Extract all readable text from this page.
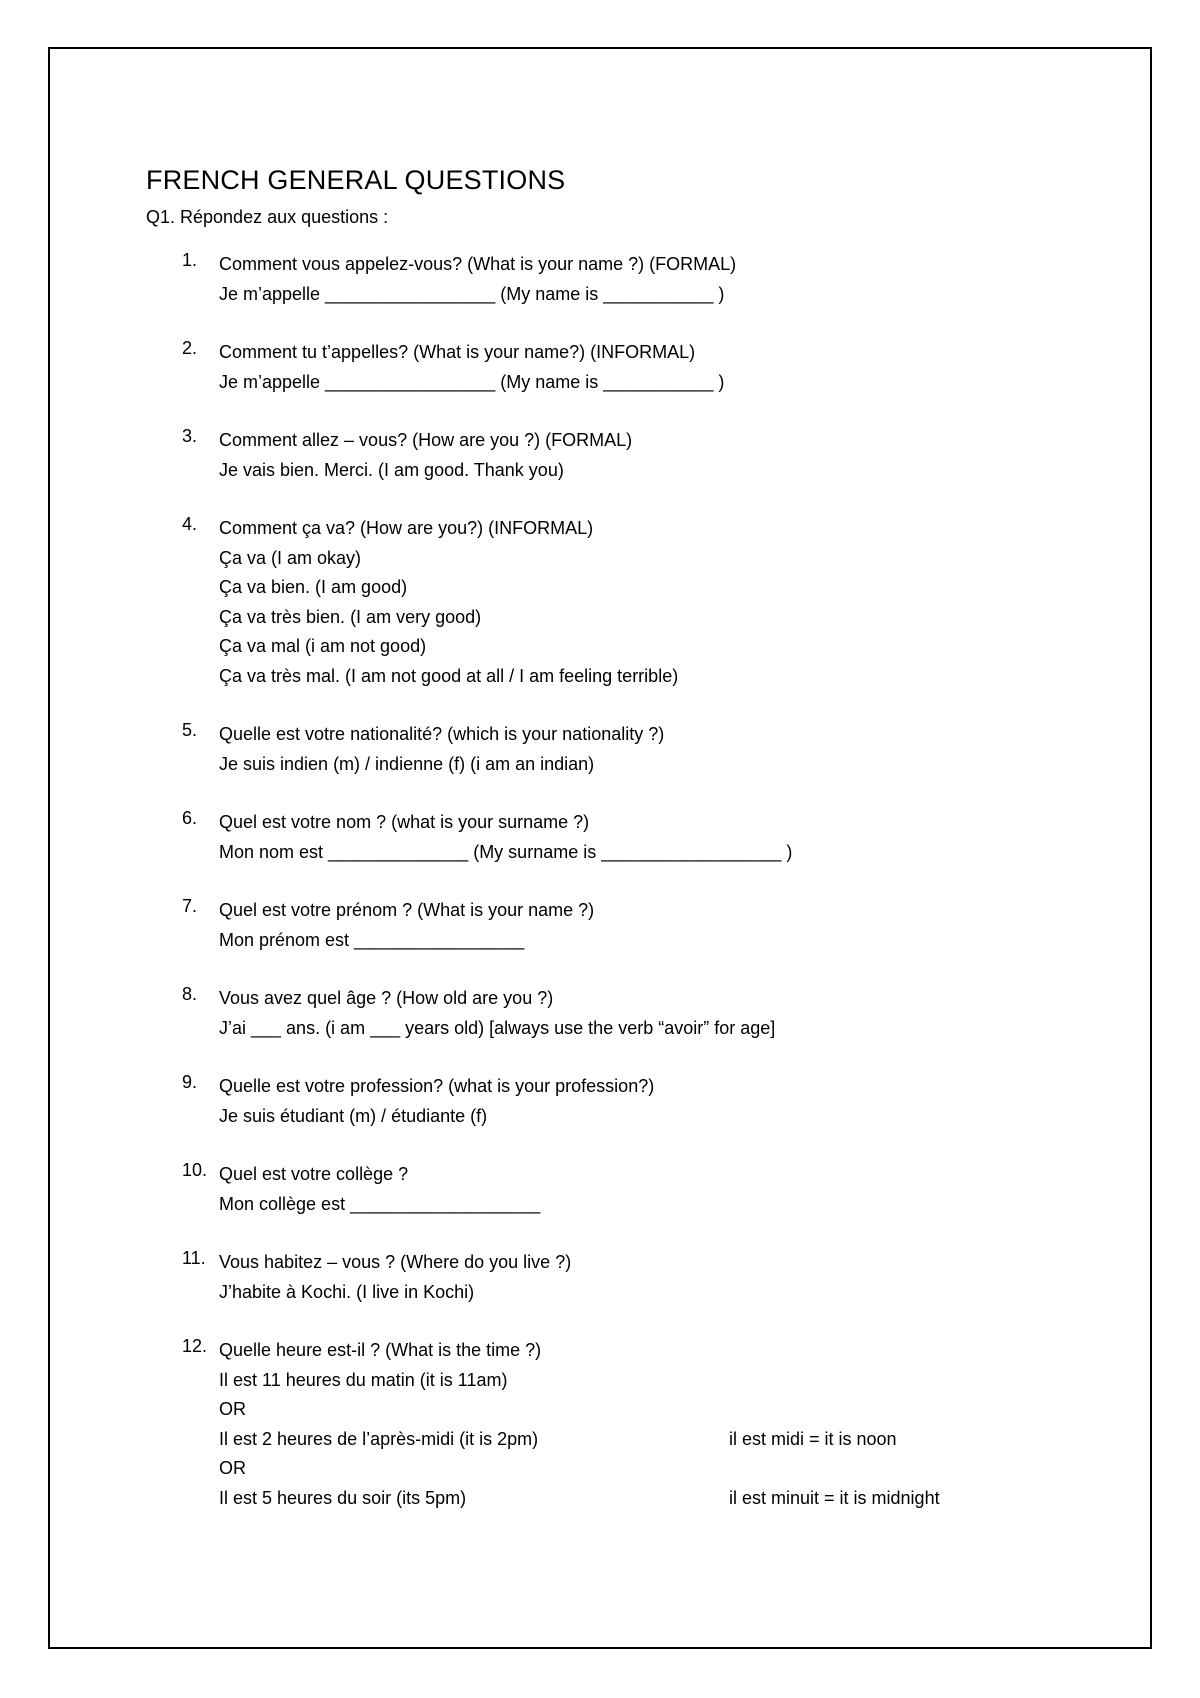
FRENCH GENERAL QUESTIONS
Q1. Répondez aux questions :
1.	Comment vous appelez-vous? (What is your name ?) (FORMAL)
Je m’appelle _________________ (My name is ___________ )
2.	Comment tu t’appelles? (What is your name?) (INFORMAL)
Je m’appelle _________________ (My name is ___________ )
3.	Comment allez – vous? (How are you ?) (FORMAL)
Je vais bien. Merci. (I am good. Thank you)
4.	Comment ça va? (How are you?) (INFORMAL)
Ça va (I am okay)
Ça va bien. (I am good)
Ça va très bien. (I am very good)
Ça va mal (i am not good)
Ça va très mal. (I am not good at all / I am feeling terrible)
5.	Quelle est votre nationalité? (which is your nationality ?)
Je suis indien (m) / indienne (f) (i am an indian)
6.	Quel est votre nom ? (what is your surname ?)
Mon nom est ______________ (My surname is __________________ )
7.	Quel est votre prénom ? (What is your name ?)
Mon prénom est _________________
8.	Vous avez quel âge ? (How old are you ?)
J’ai ___ ans. (i am ___ years old) [always use the verb “avoir” for age]
9.	Quelle est votre profession? (what is your profession?)
Je suis étudiant (m) / étudiante (f)
10. Quel est votre collège ?
Mon collège est ___________________
11. Vous habitez – vous ? (Where do you live ?)
J’habite à Kochi. (I live in Kochi)
12. Quelle heure est-il ? (What is the time ?)
Il est 11 heures du matin (it is 11am)
OR
Il est 2 heures de l’après-midi (it is 2pm)	il est midi = it is noon
OR
Il est 5 heures du soir (its 5pm)	il est minuit = it is midnight
